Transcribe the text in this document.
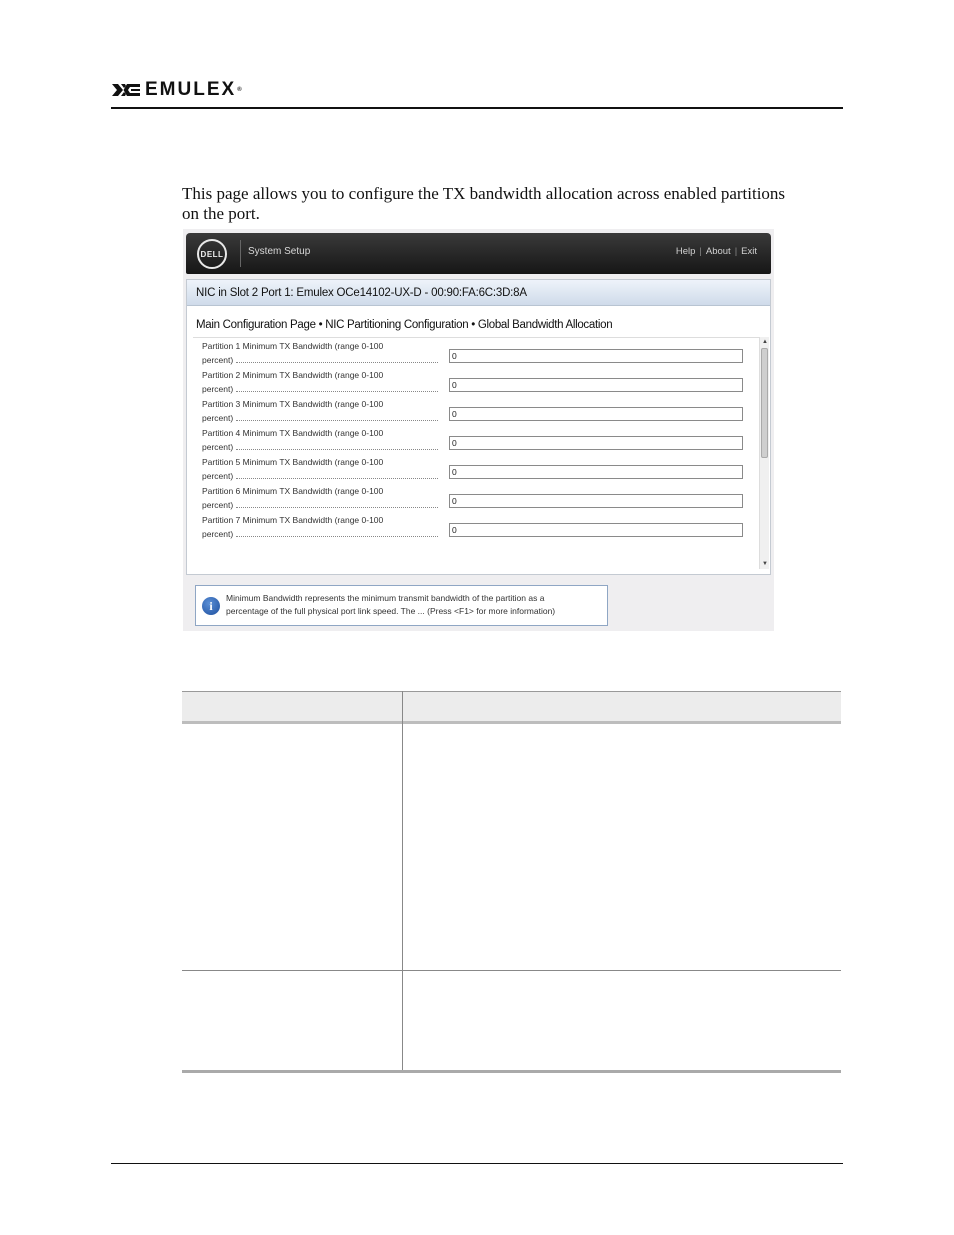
EMULEX®

This page allows you to configure the TX bandwidth allocation across enabled partitions on the port.

DELL System Setup	Help | About | Exit
NIC in Slot 2 Port 1: Emulex OCe14102-UX-D - 00:90:FA:6C:3D:8A
Main Configuration Page • NIC Partitioning Configuration • Global Bandwidth Allocation
Partition 1 Minimum TX Bandwidth (range 0-100
percent)	0
Partition 2 Minimum TX Bandwidth (range 0-100
percent)	0
Partition 3 Minimum TX Bandwidth (range 0-100
percent)	0
Partition 4 Minimum TX Bandwidth (range 0-100
percent)	0
Partition 5 Minimum TX Bandwidth (range 0-100
percent)	0
Partition 6 Minimum TX Bandwidth (range 0-100
percent)	0
Partition 7 Minimum TX Bandwidth (range 0-100
percent)	0
▲
▼
i
Minimum Bandwidth represents the minimum transmit bandwidth of the partition as a
percentage of the full physical port link speed. The ... (Press <F1> for more information)
